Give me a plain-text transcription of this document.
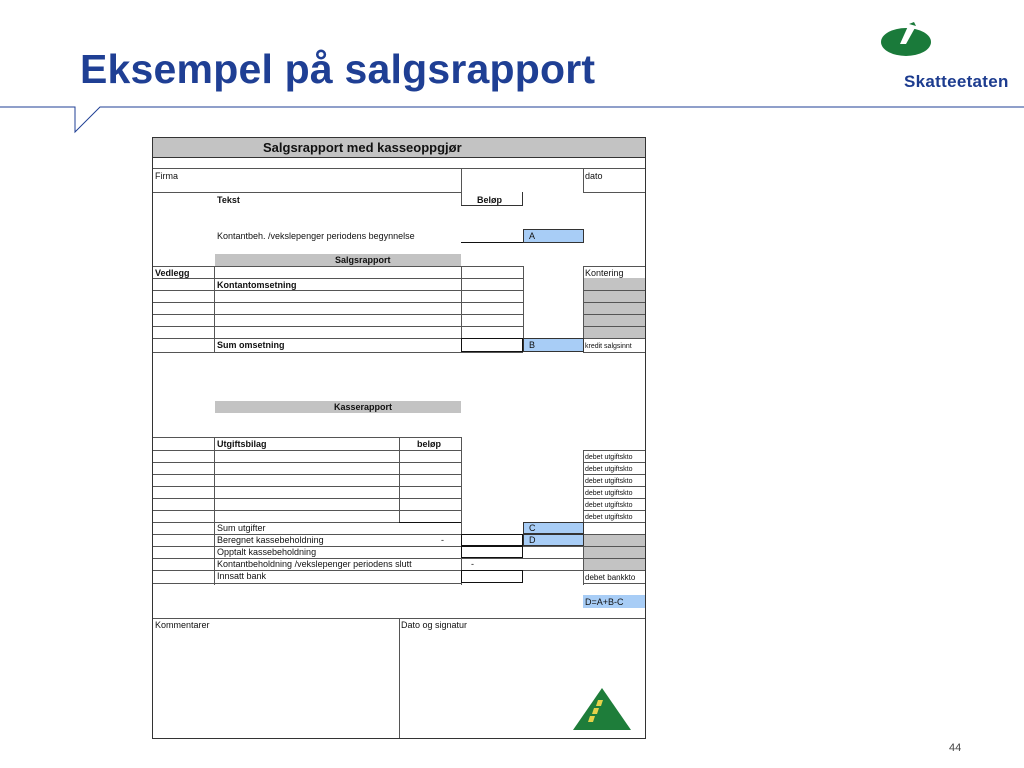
Eksempel på salgsrapport	Skatteetaten
Salgsrapport med kasseoppgjør
Firma	dato
Tekst	Beløp
Kontantbeh. /vekslepenger periodens begynnelse	A
Salgsrapport
Vedlegg	Kontering
Kontantomsetning
Sum omsetning	B	kredit salgsinnt
Kasserapport
Utgiftsbilag	beløp
debet utgiftskto
debet utgiftskto
debet utgiftskto
debet utgiftskto
debet utgiftskto
debet utgiftskto
Sum utgifter	C
Beregnet kassebeholdning	-	D
Opptalt kassebeholdning
Kontantbeholdning /vekslepenger periodens slutt	-
Innsatt bank	debet bankkto
D=A+B-C
Kommentarer	Dato og signatur
44
